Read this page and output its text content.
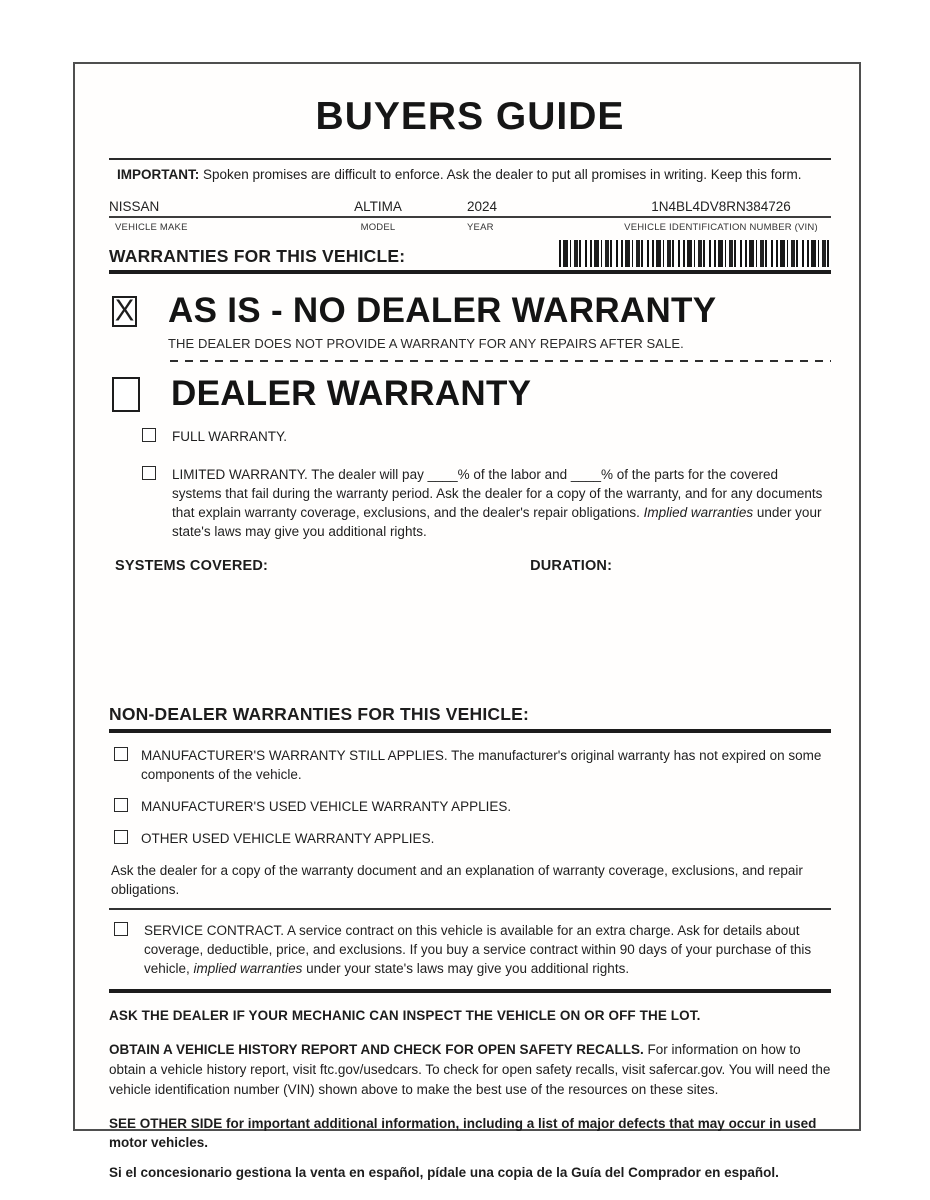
BUYERS GUIDE

IMPORTANT: Spoken promises are difficult to enforce. Ask the dealer to put all promises in writing. Keep this form.

NISSAN	ALTIMA	2024	1N4BL4DV8RN384726
VEHICLE MAKE	MODEL	YEAR	VEHICLE IDENTIFICATION NUMBER (VIN)
WARRANTIES FOR THIS VEHICLE:
X AS IS - NO DEALER WARRANTY
THE DEALER DOES NOT PROVIDE A WARRANTY FOR ANY REPAIRS AFTER SALE.
DEALER WARRANTY
FULL WARRANTY.
LIMITED WARRANTY. The dealer will pay ____% of the labor and ____% of the parts for the covered systems that fail during the warranty period. Ask the dealer for a copy of the warranty, and for any documents that explain warranty coverage, exclusions, and the dealer's repair obligations. Implied warranties under your state's laws may give you additional rights.
SYSTEMS COVERED:	DURATION:
NON-DEALER WARRANTIES FOR THIS VEHICLE:
MANUFACTURER'S WARRANTY STILL APPLIES. The manufacturer's original warranty has not expired on some components of the vehicle.
MANUFACTURER'S USED VEHICLE WARRANTY APPLIES.
OTHER USED VEHICLE WARRANTY APPLIES.

Ask the dealer for a copy of the warranty document and an explanation of warranty coverage, exclusions, and repair obligations.

SERVICE CONTRACT. A service contract on this vehicle is available for an extra charge. Ask for details about coverage, deductible, price, and exclusions. If you buy a service contract within 90 days of your purchase of this vehicle, implied warranties under your state's laws may give you additional rights.

ASK THE DEALER IF YOUR MECHANIC CAN INSPECT THE VEHICLE ON OR OFF THE LOT.

OBTAIN A VEHICLE HISTORY REPORT AND CHECK FOR OPEN SAFETY RECALLS. For information on how to obtain a vehicle history report, visit ftc.gov/usedcars. To check for open safety recalls, visit safercar.gov. You will need the vehicle identification number (VIN) shown above to make the best use of the resources on these sites.

SEE OTHER SIDE for important additional information, including a list of major defects that may occur in used motor vehicles.

Si el concesionario gestiona la venta en español, pídale una copia de la Guía del Comprador en español.
